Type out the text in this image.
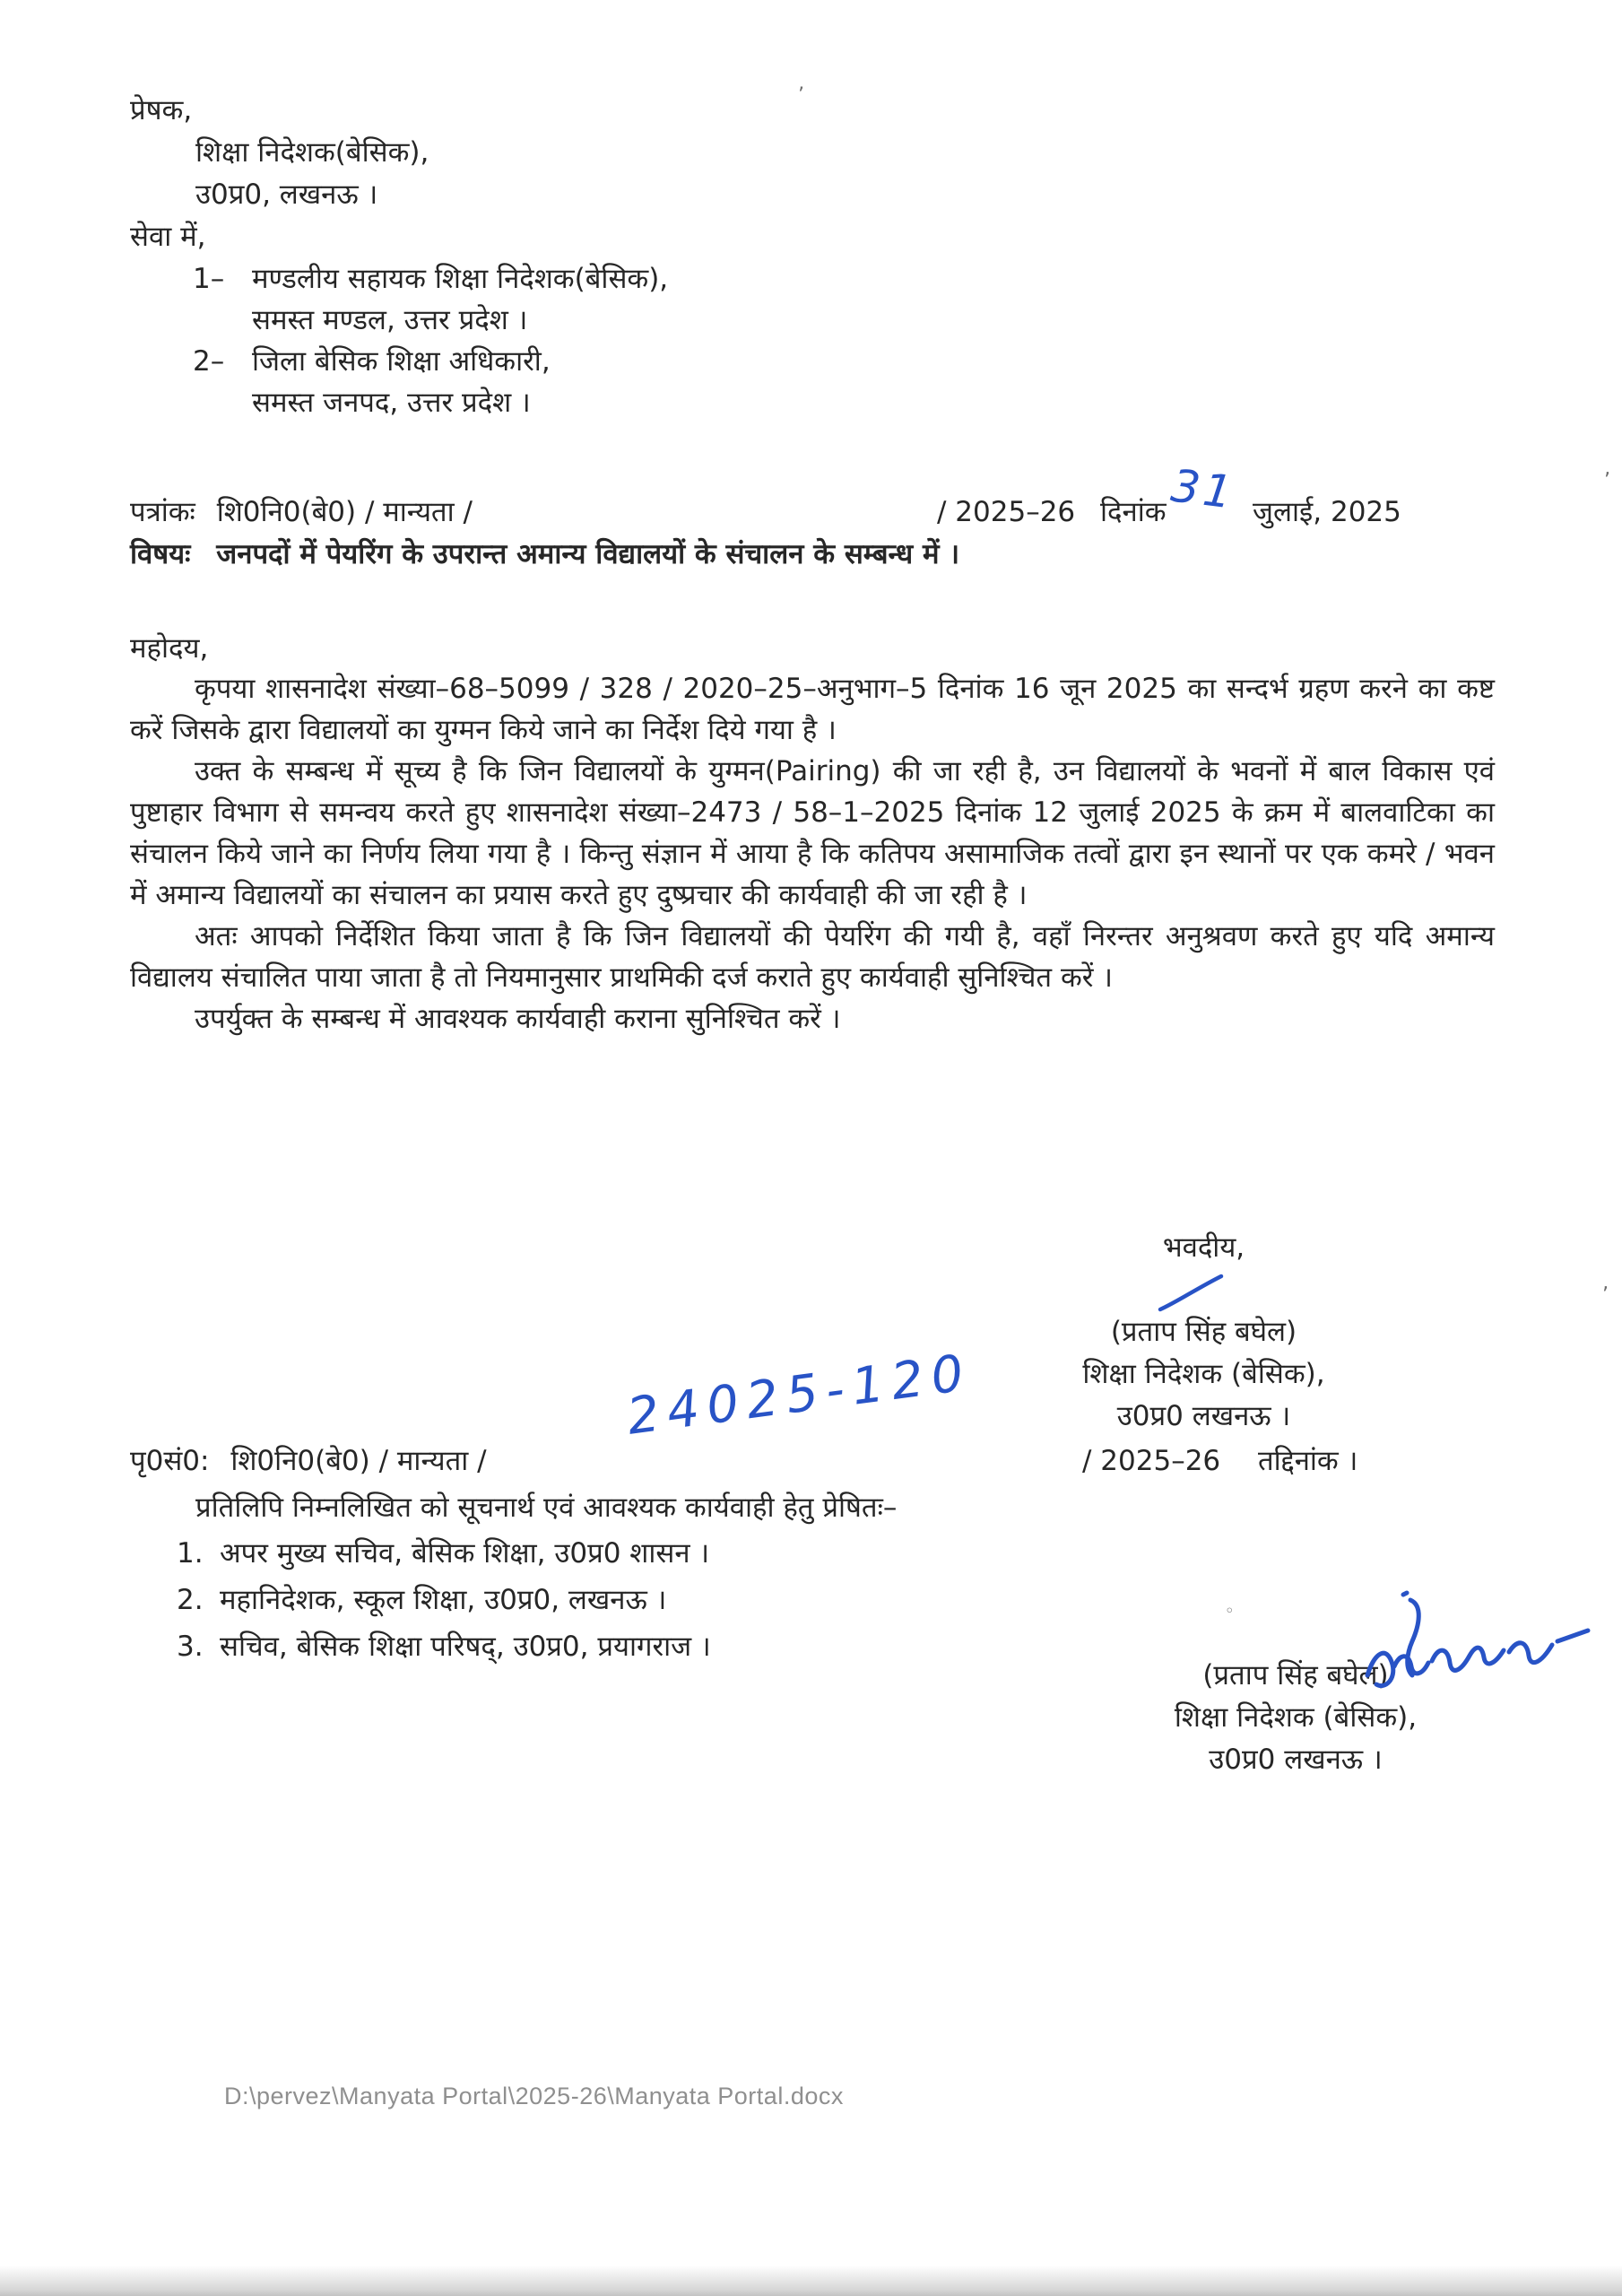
प्रेषक,
शिक्षा निदेशक(बेसिक),
उ0प्र0, लखनऊ ।
सेवा में,
1– मण्डलीय सहायक शिक्षा निदेशक(बेसिक),
समस्त मण्डल, उत्तर प्रदेश ।
2– जिला बेसिक शिक्षा अधिकारी,
समस्त जनपद, उत्तर प्रदेश ।
पत्रांकः शि0नि0(बे0) / मान्यता /	/ 2025–26 दिनांक	जुलाई, 2025
31
विषयः जनपदों में पेयरिंग के उपरान्त अमान्य विद्यालयों के संचालन के सम्बन्ध में ।
महोदय,

कृपया शासनादेश संख्या–68–5099 / 328 / 2020–25–अनुभाग–5 दिनांक 16 जून 2025 का सन्दर्भ ग्रहण करने का कष्ट करें जिसके द्वारा विद्यालयों का युग्मन किये जाने का निर्देश दिये गया है ।

उक्त के सम्बन्ध में सूच्य है कि जिन विद्यालयों के युग्मन(Pairing) की जा रही है, उन विद्यालयों के भवनों में बाल विकास एवं पुष्टाहार विभाग से समन्वय करते हुए शासनादेश संख्या–2473 / 58–1–2025 दिनांक 12 जुलाई 2025 के क्रम में बालवाटिका का संचालन किये जाने का निर्णय लिया गया है । किन्तु संज्ञान में आया है कि कतिपय असामाजिक तत्वों द्वारा इन स्थानों पर एक कमरे / भवन में अमान्य विद्यालयों का संचालन का प्रयास करते हुए दुष्प्रचार की कार्यवाही की जा रही है ।

अतः आपको निर्देशित किया जाता है कि जिन विद्यालयों की पेयरिंग की गयी है, वहाँ निरन्तर अनुश्रवण करते हुए यदि अमान्य विद्यालय संचालित पाया जाता है तो नियमानुसार प्राथमिकी दर्ज कराते हुए कार्यवाही सुनिश्चित करें ।

उपर्युक्त के सम्बन्ध में आवश्यक कार्यवाही कराना सुनिश्चित करें ।

भवदीय,
(प्रताप सिंह बघेल)
शिक्षा निदेशक (बेसिक),
उ0प्र0 लखनऊ ।
पृ0सं0: शि0नि0(बे0) / मान्यता /	/ 2025–26 तद्दिनांक ।
24025-120
प्रतिलिपि निम्नलिखित को सूचनार्थ एवं आवश्यक कार्यवाही हेतु प्रेषितः–
1. अपर मुख्य सचिव, बेसिक शिक्षा, उ0प्र0 शासन ।
2. महानिदेशक, स्कूल शिक्षा, उ0प्र0, लखनऊ ।
3. सचिव, बेसिक शिक्षा परिषद्, उ0प्र0, प्रयागराज ।
(प्रताप सिंह बघेल)
शिक्षा निदेशक (बेसिक),
उ0प्र0 लखनऊ ।
’
‚
‚
◦
D:\pervez\Manyata Portal\2025-26\Manyata Portal.docx
